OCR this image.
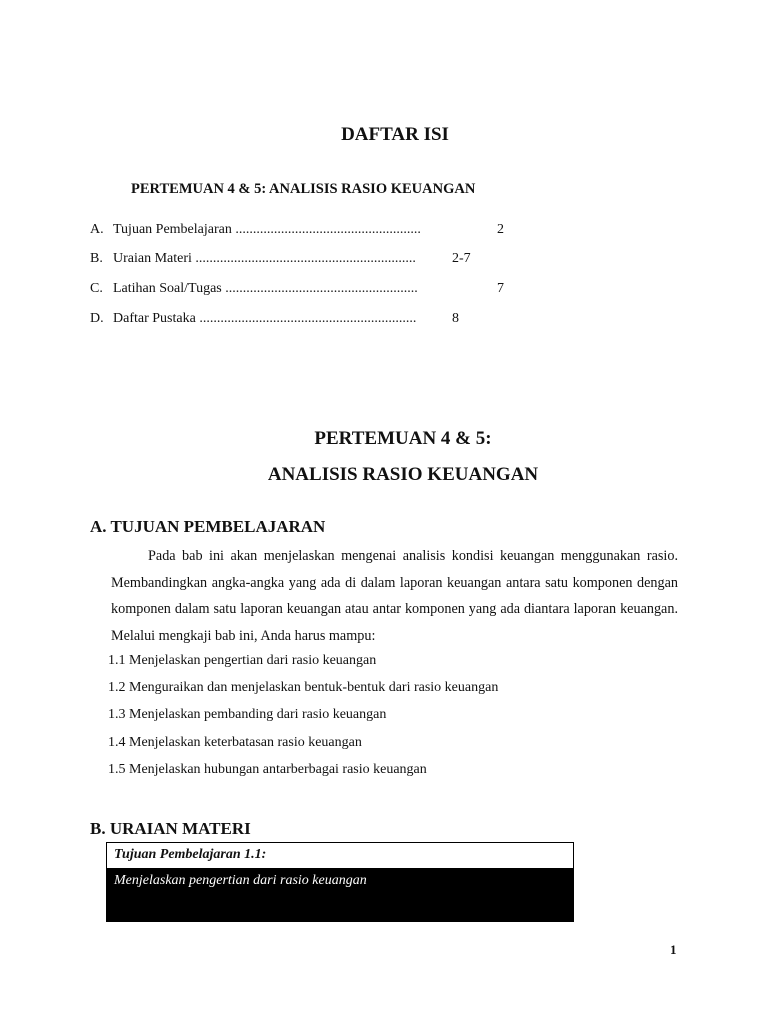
DAFTAR ISI
PERTEMUAN 4 & 5: ANALISIS RASIO KEUANGAN
A. Tujuan Pembelajaran .....................................................	2
B. Uraian Materi ...............................................................	2-7
C. Latihan Soal/Tugas .......................................................	7
D. Daftar Pustaka ..............................................................	8
PERTEMUAN 4 & 5:
ANALISIS RASIO KEUANGAN
A. TUJUAN PEMBELAJARAN
Pada bab ini akan menjelaskan mengenai analisis kondisi keuangan menggunakan rasio. Membandingkan angka-angka yang ada di dalam laporan keuangan antara satu komponen dengan komponen dalam satu laporan keuangan atau antar komponen yang ada diantara laporan keuangan. Melalui mengkaji bab ini, Anda harus mampu:
1.1 Menjelaskan pengertian dari rasio keuangan
1.2 Menguraikan dan menjelaskan bentuk-bentuk dari rasio keuangan
1.3 Menjelaskan pembanding dari rasio keuangan
1.4 Menjelaskan keterbatasan rasio keuangan
1.5 Menjelaskan hubungan antarberbagai rasio keuangan
B. URAIAN MATERI
Tujuan Pembelajaran 1.1:
Menjelaskan pengertian dari rasio keuangan
1
